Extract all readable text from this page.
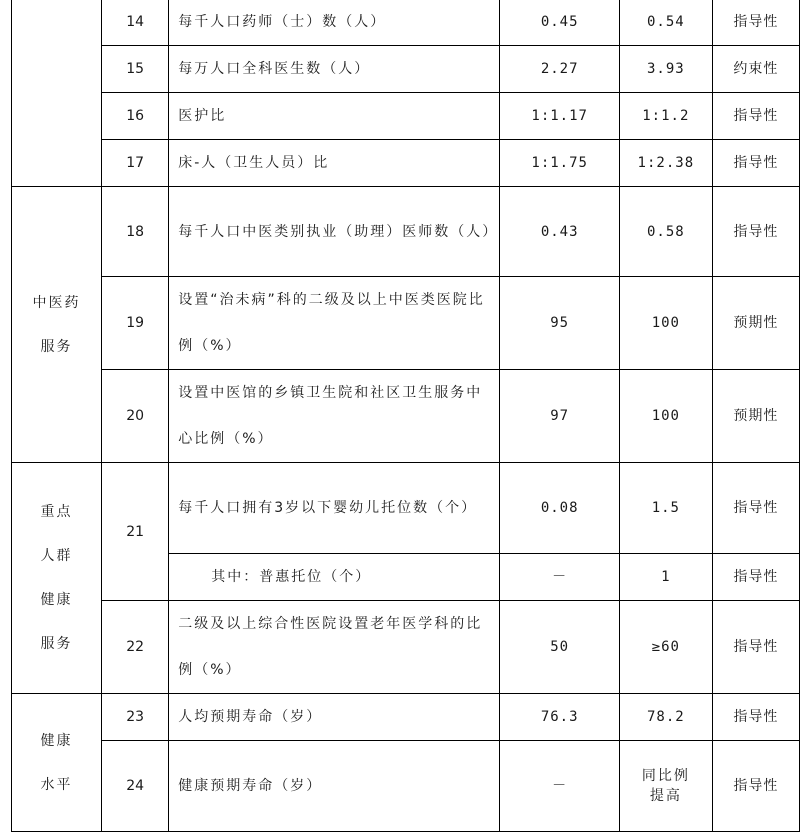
	14	每千人口药师（士）数（人）	0.45	0.54	指导性
	15	每万人口全科医生数（人）	2.27	3.93	约束性
	16	医护比	1:1.17	1:1.2	指导性
	17	床-人（卫生人员）比	1:1.75	1:2.38	指导性
中医药服务	18	每千人口中医类别执业（助理）医师数（人）	0.43	0.58	指导性
	19	设置“治未病”科的二级及以上中医类医院比例（%）	95	100	预期性
	20	设置中医馆的乡镇卫生院和社区卫生服务中心比例（%）	97	100	预期性
重点人群健康服务	21	每千人口拥有3岁以下婴幼儿托位数（个）	0.08	1.5	指导性
		其中：普惠托位（个）	－	1	指导性
	22	二级及以上综合性医院设置老年医学科的比例（%）	50	≥60	指导性
健康水平	23	人均预期寿命（岁）	76.3	78.2	指导性
	24	健康预期寿命（岁）	－	同比例提高	指导性
